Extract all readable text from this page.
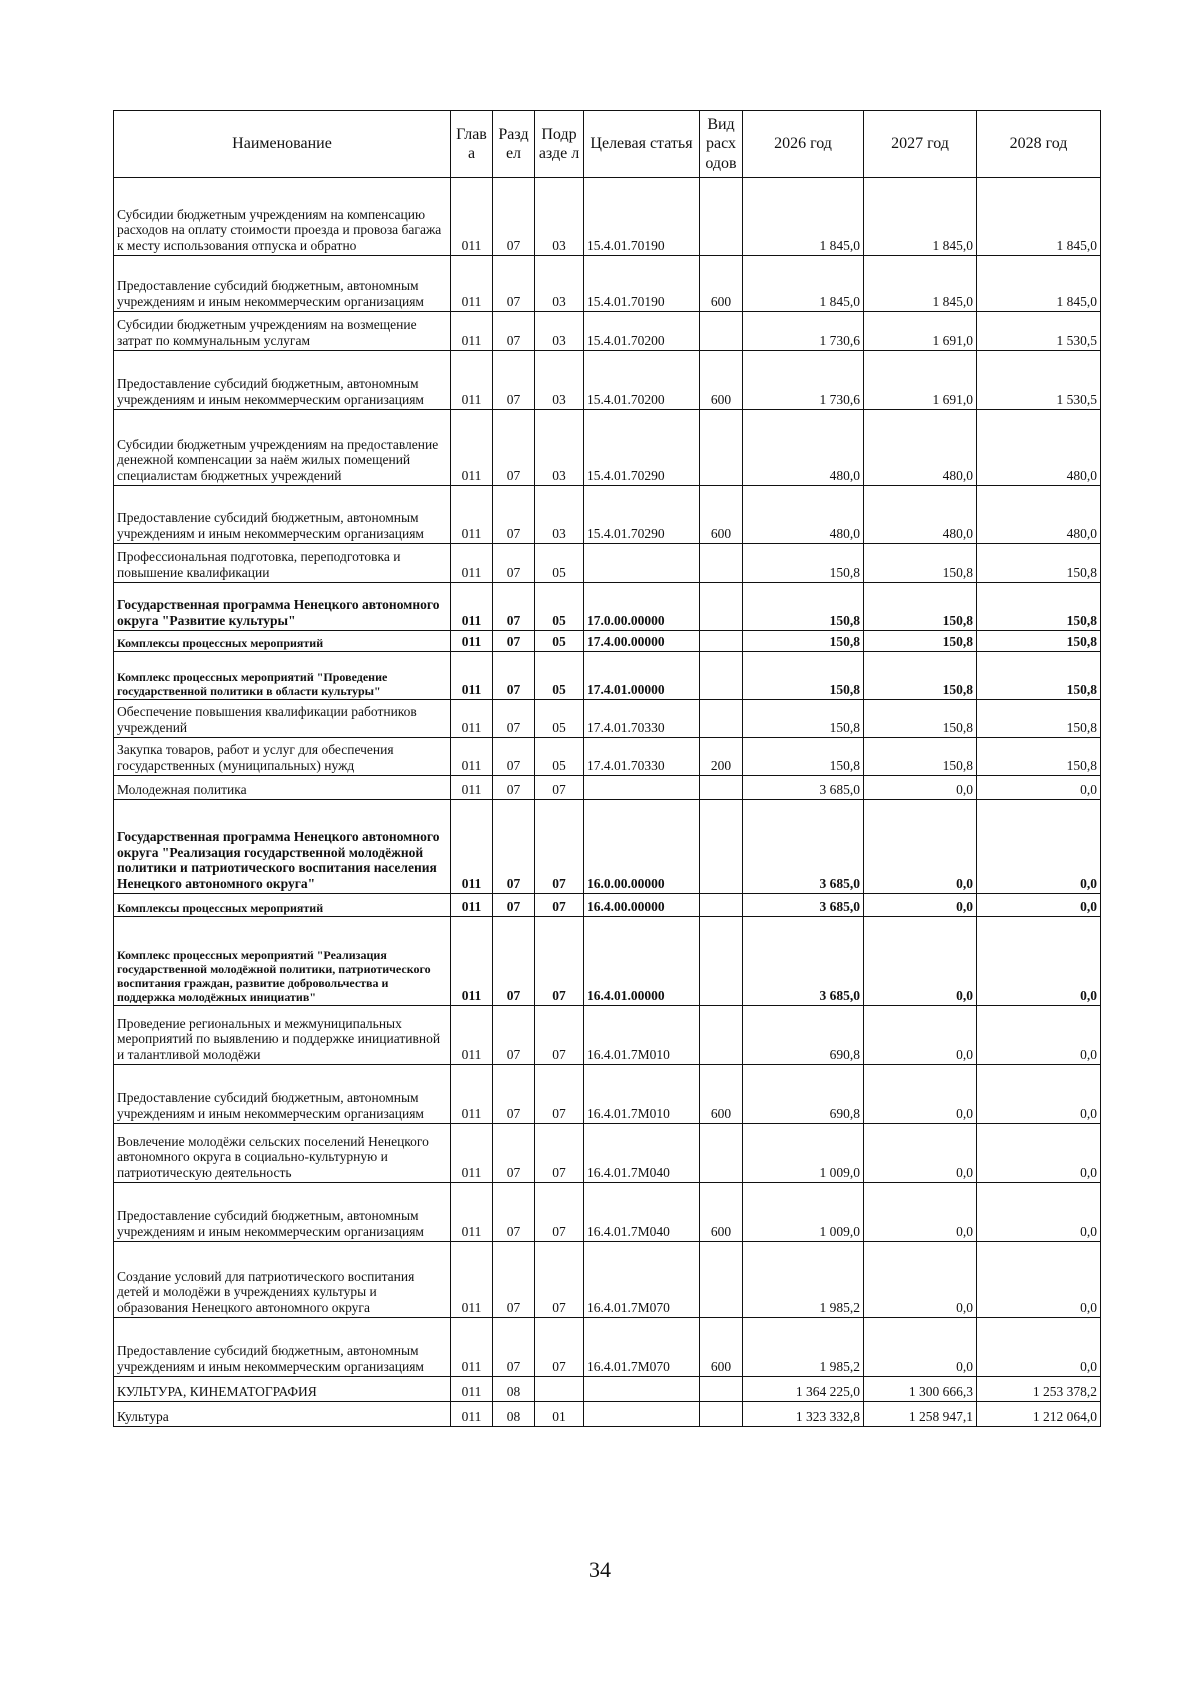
Наименование	Глав а	Разд ел	Подр азде л	Целевая статья	Вид расх одов	2026 год	2027 год	2028 год
Субсидии бюджетным учреждениям на компенсацию расходов на оплату стоимости проезда и провоза багажа к месту использования отпуска и обратно	011	07	03	15.4.01.70190		1 845,0	1 845,0	1 845,0
Предоставление субсидий бюджетным, автономным учреждениям и иным некоммерческим организациям	011	07	03	15.4.01.70190	600	1 845,0	1 845,0	1 845,0
Субсидии бюджетным учреждениям на возмещение затрат по коммунальным услугам	011	07	03	15.4.01.70200		1 730,6	1 691,0	1 530,5
Предоставление субсидий бюджетным, автономным учреждениям и иным некоммерческим организациям	011	07	03	15.4.01.70200	600	1 730,6	1 691,0	1 530,5
Субсидии бюджетным учреждениям на предоставление денежной компенсации за наём жилых помещений специалистам бюджетных учреждений	011	07	03	15.4.01.70290		480,0	480,0	480,0
Предоставление субсидий бюджетным, автономным учреждениям и иным некоммерческим организациям	011	07	03	15.4.01.70290	600	480,0	480,0	480,0
Профессиональная подготовка, переподготовка и повышение квалификации	011	07	05			150,8	150,8	150,8
Государственная программа Ненецкого автономного округа "Развитие культуры"	011	07	05	17.0.00.00000		150,8	150,8	150,8
Комплексы процессных мероприятий	011	07	05	17.4.00.00000		150,8	150,8	150,8
Комплекс процессных мероприятий "Проведение государственной политики в области культуры"	011	07	05	17.4.01.00000		150,8	150,8	150,8
Обеспечение повышения квалификации работников учреждений	011	07	05	17.4.01.70330		150,8	150,8	150,8
Закупка товаров, работ и услуг для обеспечения государственных (муниципальных) нужд	011	07	05	17.4.01.70330	200	150,8	150,8	150,8
Молодежная политика	011	07	07			3 685,0	0,0	0,0
Государственная программа Ненецкого автономного округа "Реализация государственной молодёжной политики и патриотического воспитания населения Ненецкого автономного округа"	011	07	07	16.0.00.00000		3 685,0	0,0	0,0
Комплексы процессных мероприятий	011	07	07	16.4.00.00000		3 685,0	0,0	0,0
Комплекс процессных мероприятий "Реализация государственной молодёжной политики, патриотического воспитания граждан, развитие добровольчества и поддержка молодёжных инициатив"	011	07	07	16.4.01.00000		3 685,0	0,0	0,0
Проведение региональных и межмуниципальных мероприятий по выявлению и поддержке инициативной и талантливой молодёжи	011	07	07	16.4.01.7М010		690,8	0,0	0,0
Предоставление субсидий бюджетным, автономным учреждениям и иным некоммерческим организациям	011	07	07	16.4.01.7М010	600	690,8	0,0	0,0
Вовлечение молодёжи сельских поселений Ненецкого автономного округа в социально-культурную и патриотическую деятельность	011	07	07	16.4.01.7М040		1 009,0	0,0	0,0
Предоставление субсидий бюджетным, автономным учреждениям и иным некоммерческим организациям	011	07	07	16.4.01.7М040	600	1 009,0	0,0	0,0
Создание условий для патриотического воспитания детей и молодёжи в учреждениях культуры и образования Ненецкого автономного округа	011	07	07	16.4.01.7М070		1 985,2	0,0	0,0
Предоставление субсидий бюджетным, автономным учреждениям и иным некоммерческим организациям	011	07	07	16.4.01.7М070	600	1 985,2	0,0	0,0
КУЛЬТУРА, КИНЕМАТОГРАФИЯ	011	08				1 364 225,0	1 300 666,3	1 253 378,2
Культура	011	08	01			1 323 332,8	1 258 947,1	1 212 064,0
34
